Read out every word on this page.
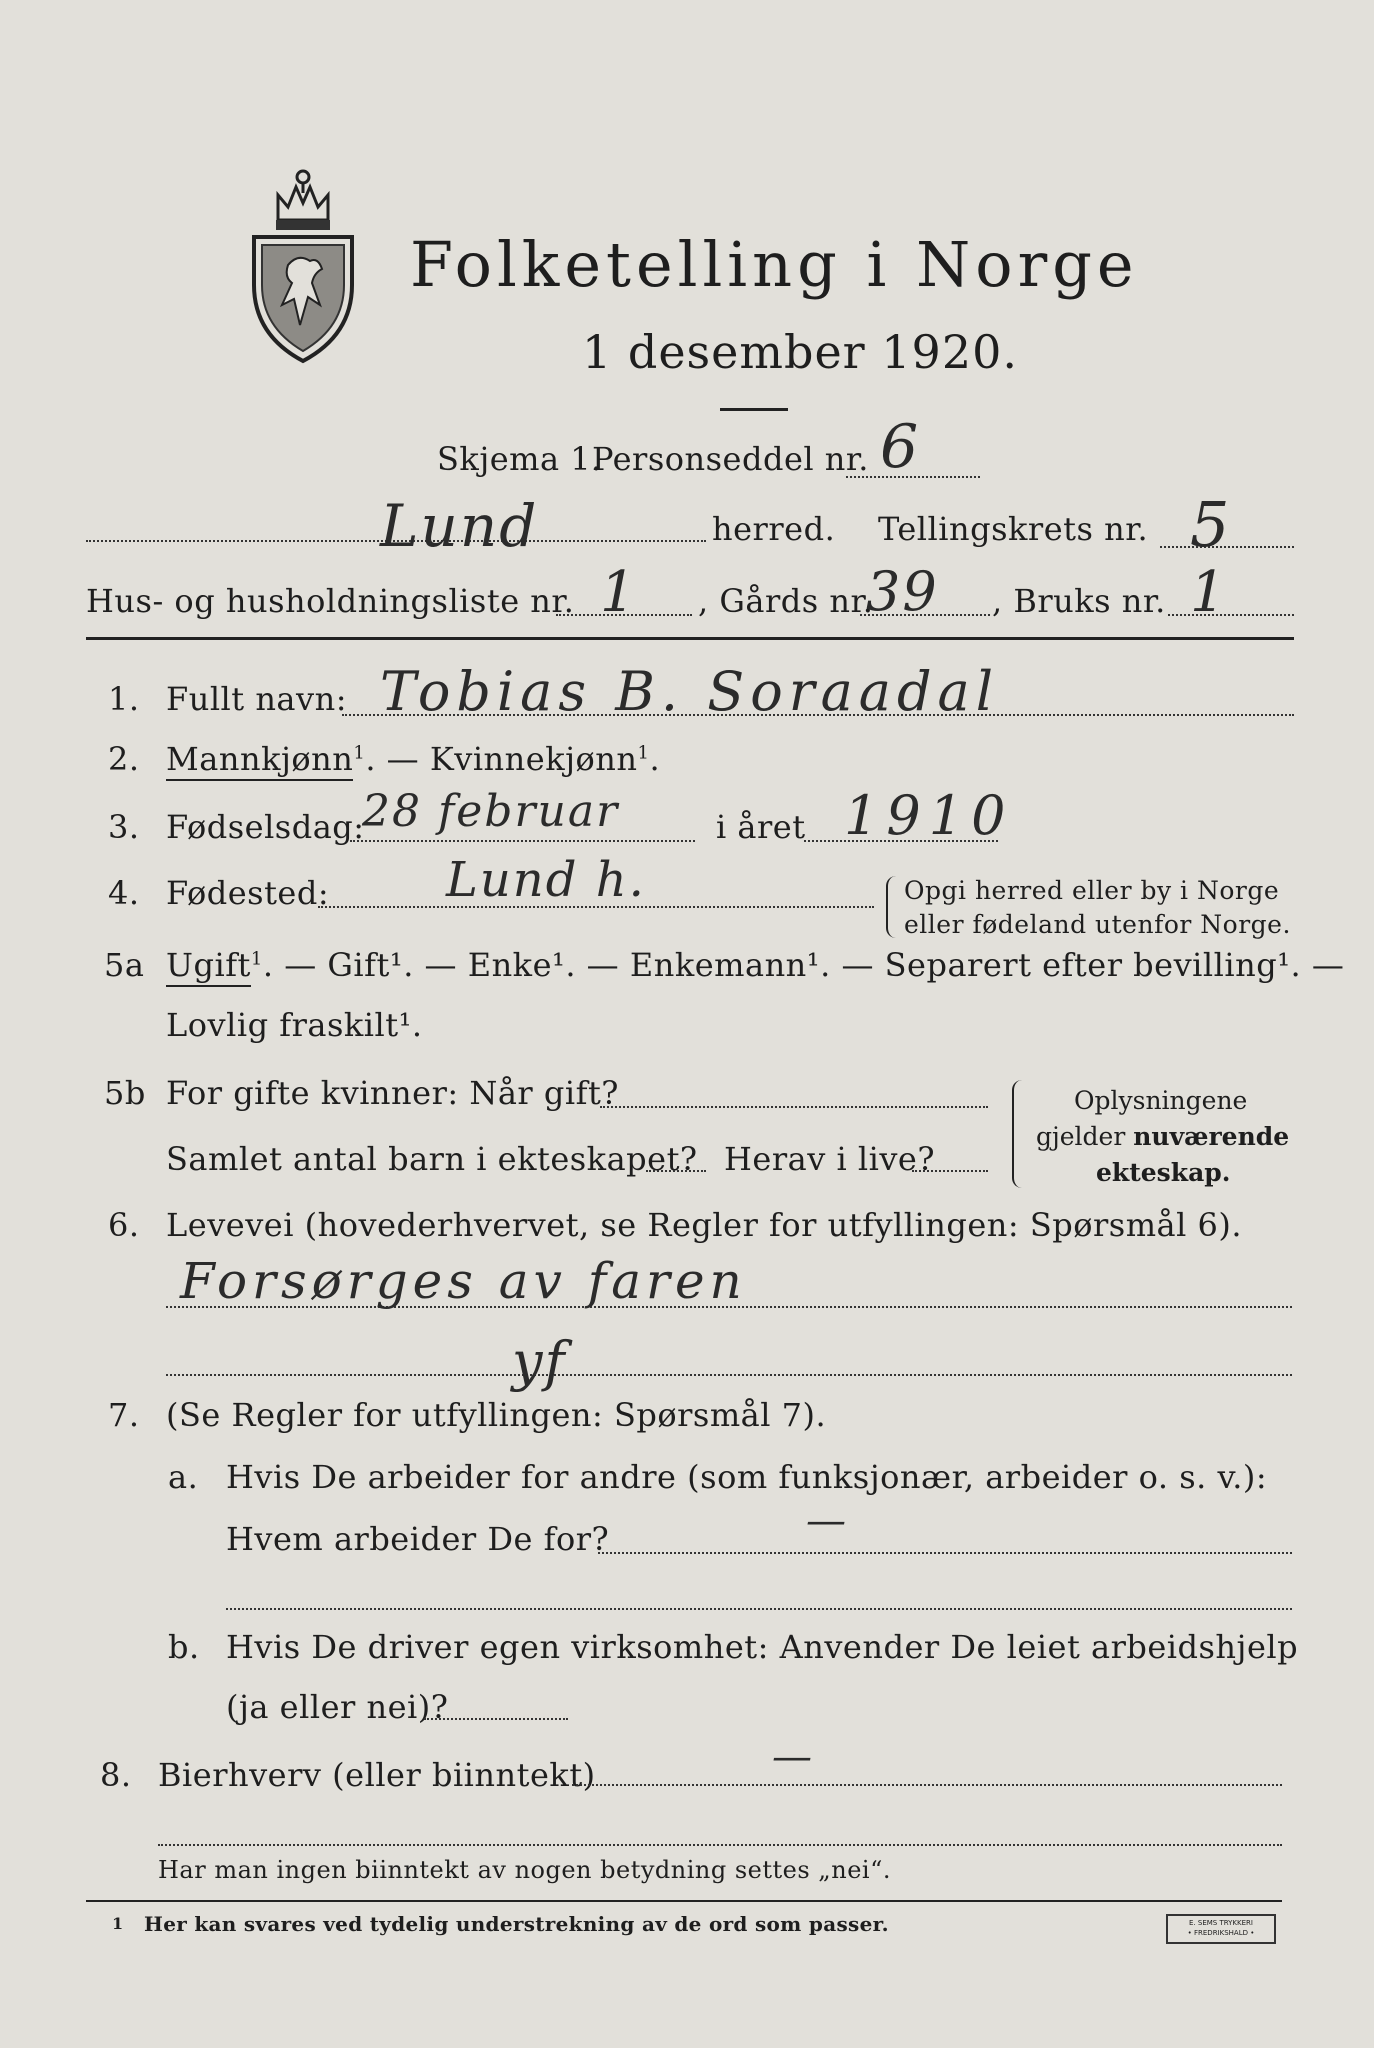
Folketelling i Norge
1 desember 1920.
Skjema 1.
Personseddel nr. 6
Lund	herred. Tellingskrets nr. 5
Hus- og husholdningsliste nr. 1 , Gårds nr.
39 , Bruks nr. 1
1. Fullt navn: Tobias B. Soraadal
2. Mannkjønn$^1$. — Kvinnekjønn$^1$.
3. Fødselsdag:
28 februar	i året 1910
4. Fødested: Lund h.	Opgi herred eller by i Norge
eller fødeland utenfor Norge.
5a Ugift$^1$. — Gift¹. — Enke¹. — Enkemann¹. — Separert efter bevilling¹. —
Lovlig fraskilt¹.
5b For gifte kvinner: Når gift?
Samlet antal barn i ekteskapet? Herav i live?
Oplysningene
gjelder nuværende
ekteskap.
6. Levevei (hovederhvervet, se Regler for utfyllingen: Spørsmål 6).
Forsørges av faren
yf
7. (Se Regler for utfyllingen: Spørsmål 7).
a. Hvis De arbeider for andre (som funksjonær, arbeider o. s. v.):
Hvem arbeider De for?	—
b. Hvis De driver egen virksomhet: Anvender De leiet arbeidshjelp
(ja eller nei)?
8. Bierhverv (eller biinntekt)	—
Har man ingen biinntekt av nogen betydning settes „nei“.
1 Her kan svares ved tydelig understrekning av de ord som passer.	E. SEMS TRYKKERI
• FREDRIKSHALD •
